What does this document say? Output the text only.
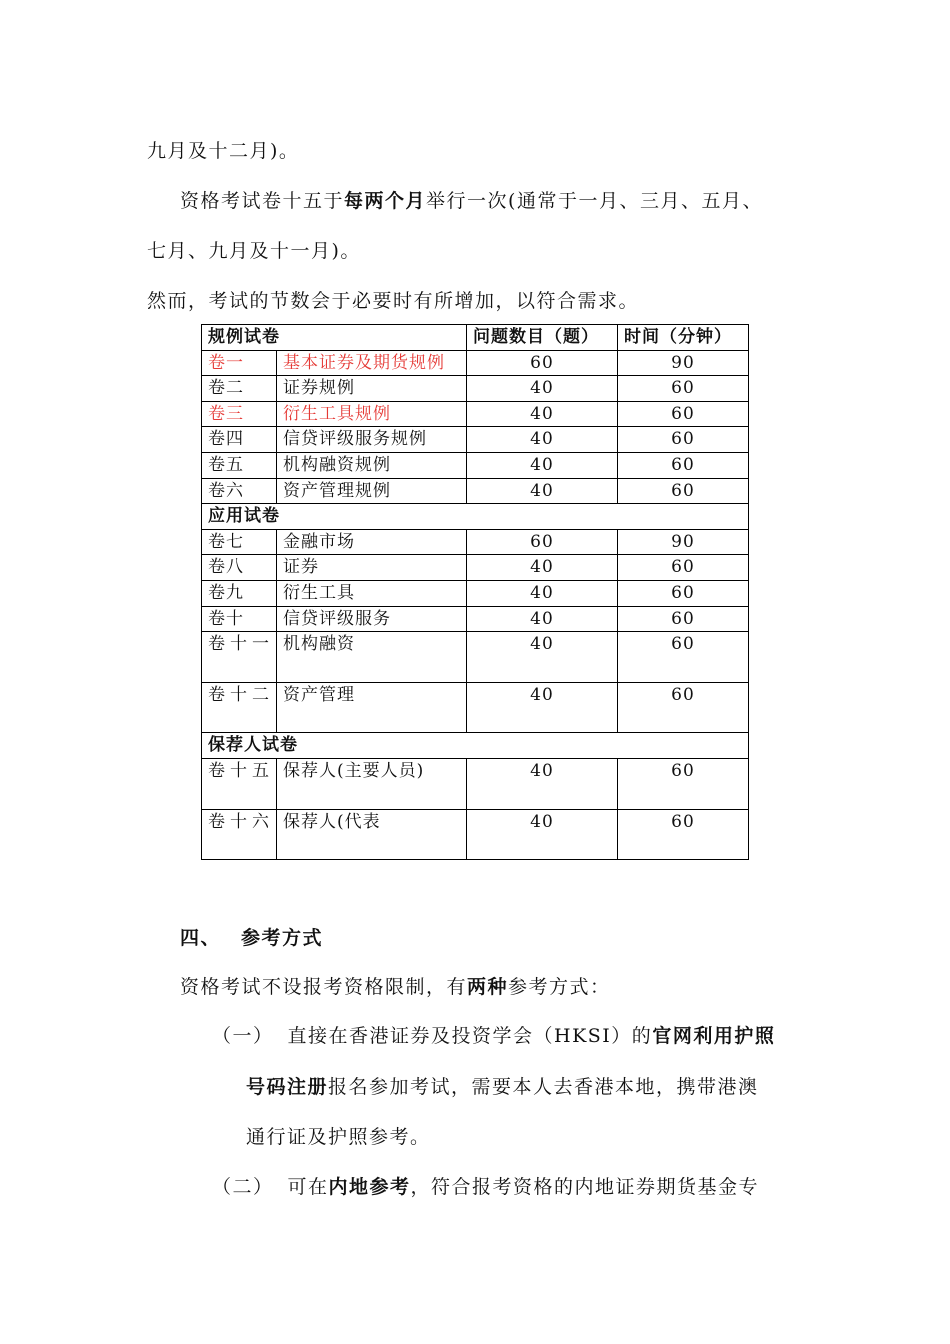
九月及十二月)。
资格考试卷十五于每两个月举行一次(通常于一月、三月、五月、
七月、九月及十一月)。
然而，考试的节数会于必要时有所增加，以符合需求。
规例试卷		问题数目（题）	时间（分钟）
卷一	基本证券及期货规例	60	90
卷二	证券规例	40	60
卷三	衍生工具规例	40	60
卷四	信贷评级服务规例	40	60
卷五	机构融资规例	40	60
卷六	资产管理规例	40	60
应用试卷			
卷七	金融市场	60	90
卷八	证券	40	60
卷九	衍生工具	40	60
卷十	信贷评级服务	40	60
卷十一	机构融资	40	60
卷十二	资产管理	40	60
保荐人试卷			
卷十五	保荐人(主要人员)	40	60
卷十六	保荐人(代表	40	60
四、 参考方式
资格考试不设报考资格限制，有两种参考方式：
（一） 直接在香港证券及投资学会（HKSI）的官网利用护照
号码注册报名参加考试，需要本人去香港本地，携带港澳
通行证及护照参考。
（二） 可在内地参考，符合报考资格的内地证券期货基金专
